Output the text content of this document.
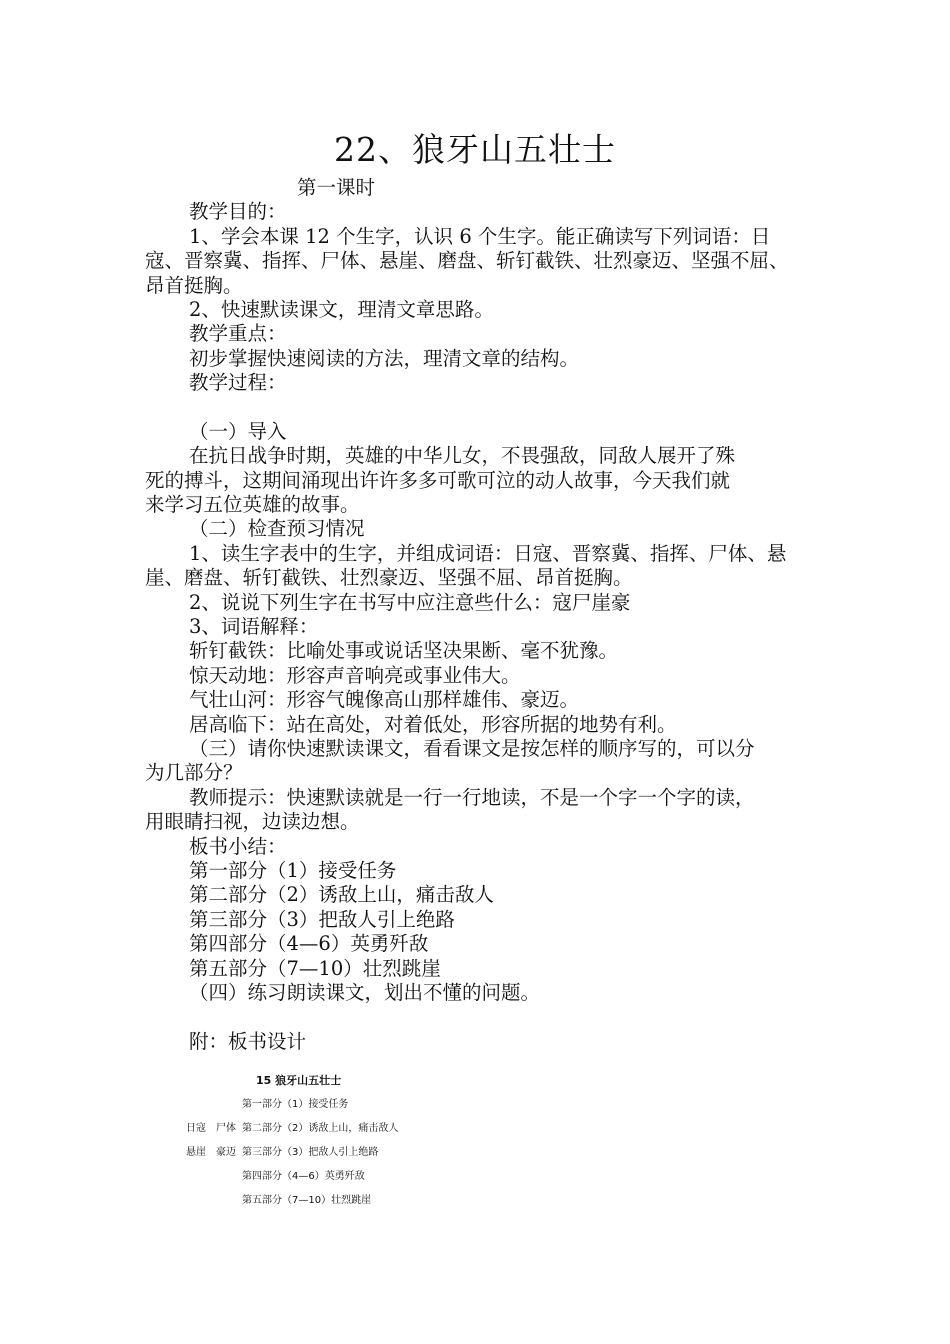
22、狼牙山五壮士
第一课时
教学目的：
1、学会本课 12 个生字，认识 6 个生字。能正确读写下列词语：日
寇、晋察冀、指挥、尸体、悬崖、磨盘、斩钉截铁、壮烈豪迈、坚强不屈、
昂首挺胸。
2、快速默读课文，理清文章思路。
教学重点：
初步掌握快速阅读的方法，理清文章的结构。
教学过程：
（一）导入
在抗日战争时期，英雄的中华儿女，不畏强敌，同敌人展开了殊
死的搏斗，这期间涌现出许许多多可歌可泣的动人故事，今天我们就
来学习五位英雄的故事。
（二）检查预习情况
1、读生字表中的生字，并组成词语：日寇、晋察冀、指挥、尸体、悬
崖、磨盘、斩钉截铁、壮烈豪迈、坚强不屈、昂首挺胸。
2、说说下列生字在书写中应注意些什么：寇尸崖豪
3、词语解释：
斩钉截铁：比喻处事或说话坚决果断、毫不犹豫。
惊天动地：形容声音响亮或事业伟大。
气壮山河：形容气魄像高山那样雄伟、豪迈。
居高临下：站在高处，对着低处，形容所据的地势有利。
（三）请你快速默读课文，看看课文是按怎样的顺序写的，可以分
为几部分？
教师提示：快速默读就是一行一行地读，不是一个字一个字的读，
用眼睛扫视，边读边想。
板书小结：
第一部分（1）接受任务
第二部分（2）诱敌上山，痛击敌人
第三部分（3）把敌人引上绝路
第四部分（4—6）英勇歼敌
第五部分（7—10）壮烈跳崖
（四）练习朗读课文，划出不懂的问题。
附：板书设计
15 狼牙山五壮士
第一部分（1）接受任务
日寇　尸体 第二部分（2）诱敌上山，痛击敌人
悬崖　豪迈 第三部分（3）把敌人引上绝路
第四部分（4—6）英勇歼敌
第五部分（7—10）壮烈跳崖
